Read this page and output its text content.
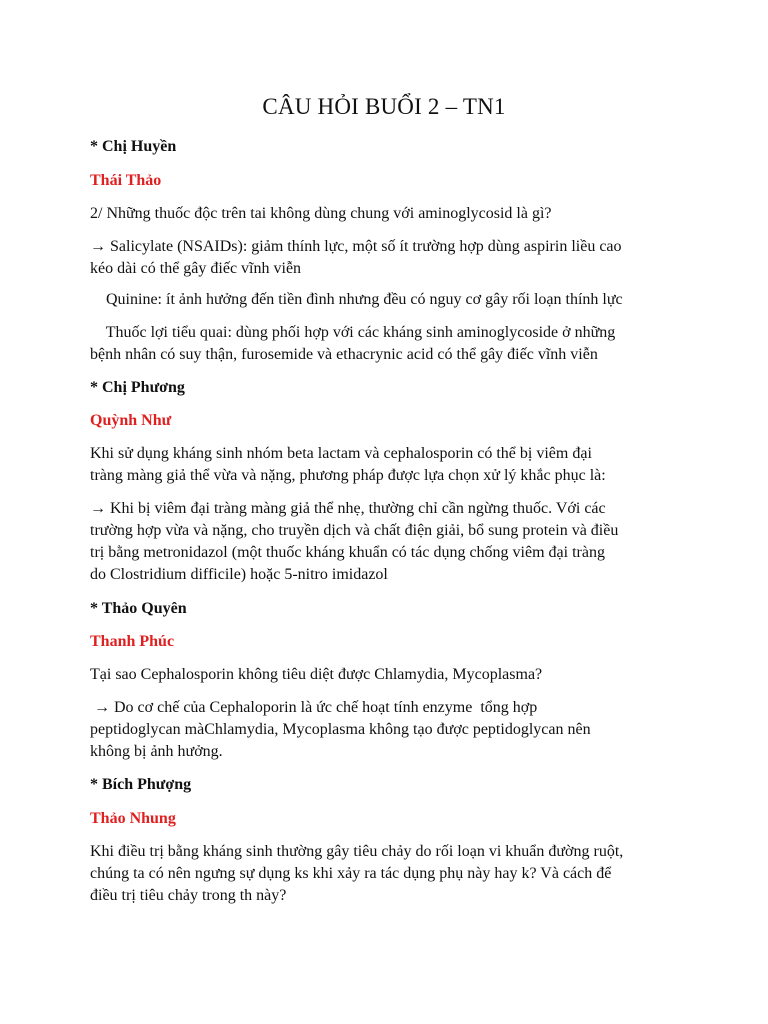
CÂU HỎI BUỔI 2 – TN1
* Chị Huyền
Thái Thảo
2/ Những thuốc độc trên tai không dùng chung với aminoglycosid là gì?
→ Salicylate (NSAIDs): giảm thính lực, một số ít trường hợp dùng aspirin liều cao
kéo dài có thể gây điếc vĩnh viễn
Quinine: ít ảnh hưởng đến tiền đình nhưng đều có nguy cơ gây rối loạn thính lực
Thuốc lợi tiểu quai: dùng phối hợp với các kháng sinh aminoglycoside ở những
bệnh nhân có suy thận, furosemide và ethacrynic acid có thể gây điếc vĩnh viễn
* Chị Phương
Quỳnh Như
Khi sử dụng kháng sinh nhóm beta lactam và cephalosporin có thể bị viêm đại
tràng màng giả thể vừa và nặng, phương pháp được lựa chọn xử lý khắc phục là:
→ Khi bị viêm đại tràng màng giả thể nhẹ, thường chỉ cần ngừng thuốc. Với các
trường hợp vừa và nặng, cho truyền dịch và chất điện giải, bổ sung protein và điều
trị bằng metronidazol (một thuốc kháng khuẩn có tác dụng chống viêm đại tràng
do Clostridium difficile) hoặc 5-nitro imidazol
* Thảo Quyên
Thanh Phúc
Tại sao Cephalosporin không tiêu diệt được Chlamydia, Mycoplasma?
→ Do cơ chế của Cephaloporin là ức chế hoạt tính enzyme  tổng hợp
peptidoglycan màChlamydia, Mycoplasma không tạo được peptidoglycan nên
không bị ảnh hưởng.
* Bích Phượng
Thảo Nhung
Khi điều trị bằng kháng sinh thường gây tiêu chảy do rối loạn vi khuẩn đường ruột,
chúng ta có nên ngưng sự dụng ks khi xảy ra tác dụng phụ này hay k? Và cách để
điều trị tiêu chảy trong th này?
